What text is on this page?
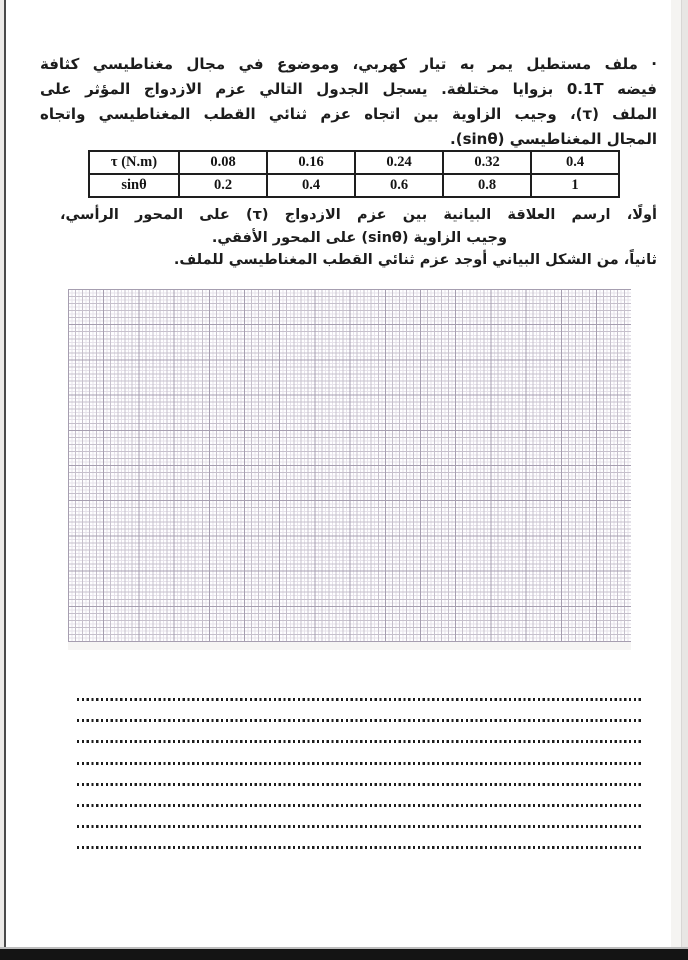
· ملف مستطيل يمر به تيار كهربي، وموضوع في مجال مغناطيسي كثافة
فيضه 0.1T بزوايا مختلفة. يسجل الجدول التالي عزم الازدواج المؤثر على
الملف (τ)، وجيب الزاوية بين اتجاه عزم ثنائي القطب المغناطيسي واتجاه
المجال المغناطيسي (sinθ).
τ (N.m)	0.08	0.16	0.24	0.32	0.4
sinθ	0.2	0.4	0.6	0.8	1
أولًا، ارسم العلاقة البيانية بين عزم الازدواج (τ) على المحور الرأسي،
وجيب الزاوية (sinθ) على المحور الأفقي.
ثانياً، من الشكل البياني أوجد عزم ثنائي القطب المغناطيسي للملف.
